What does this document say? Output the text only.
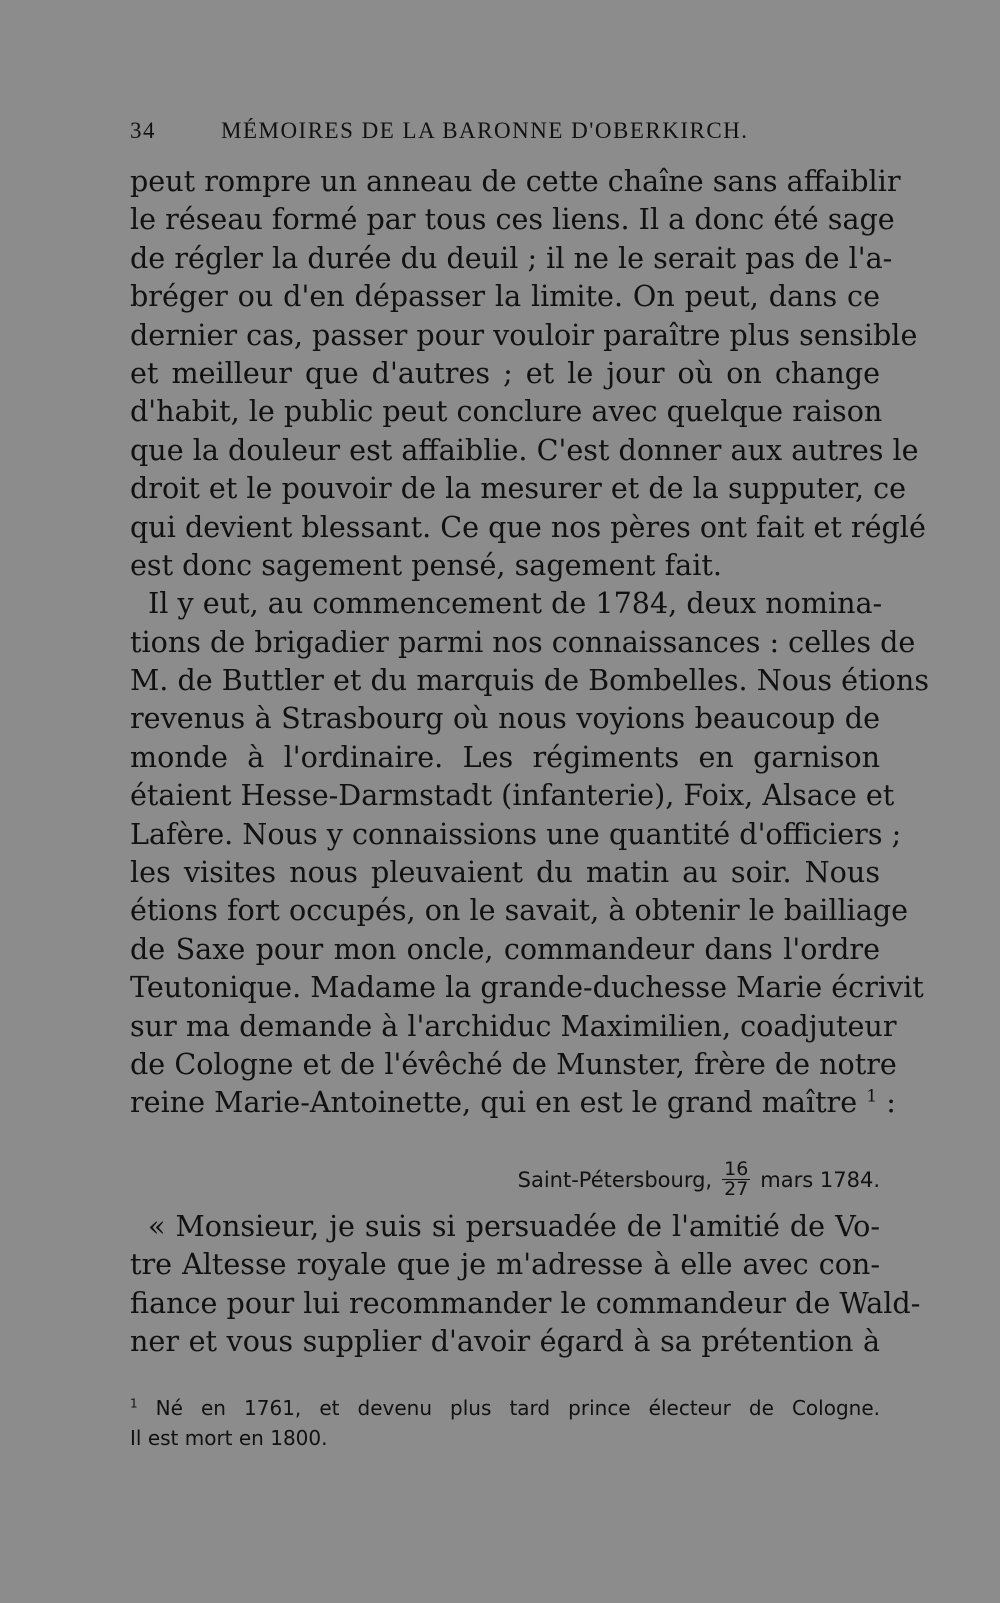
34	MÉMOIRES DE LA BARONNE D'OBERKIRCH.
peut rompre un anneau de cette chaîne sans affaiblir
le réseau formé par tous ces liens. Il a donc été sage
de régler la durée du deuil ; il ne le serait pas de l'a-
bréger ou d'en dépasser la limite. On peut, dans ce
dernier cas, passer pour vouloir paraître plus sensible
et meilleur que d'autres ; et le jour où on change
d'habit, le public peut conclure avec quelque raison
que la douleur est affaiblie. C'est donner aux autres le
droit et le pouvoir de la mesurer et de la supputer, ce
qui devient blessant. Ce que nos pères ont fait et réglé
est donc sagement pensé, sagement fait.
Il y eut, au commencement de 1784, deux nomina-
tions de brigadier parmi nos connaissances : celles de
M. de Buttler et du marquis de Bombelles. Nous étions
revenus à Strasbourg où nous voyions beaucoup de
monde à l'ordinaire. Les régiments en garnison
étaient Hesse-Darmstadt (infanterie), Foix, Alsace et
Lafère. Nous y connaissions une quantité d'officiers ;
les visites nous pleuvaient du matin au soir. Nous
étions fort occupés, on le savait, à obtenir le bailliage
de Saxe pour mon oncle, commandeur dans l'ordre
Teutonique. Madame la grande-duchesse Marie écrivit
sur ma demande à l'archiduc Maximilien, coadjuteur
de Cologne et de l'évêché de Munster, frère de notre
reine Marie-Antoinette, qui en est le grand maître $^1$ :
Saint-Pétersbourg, $\frac{16}{27}$ mars 1784.
« Monsieur, je suis si persuadée de l'amitié de Vo-
tre Altesse royale que je m'adresse à elle avec con-
fiance pour lui recommander le commandeur de Wald-
ner et vous supplier d'avoir égard à sa prétention à
$^1$ Né en 1761, et devenu plus tard prince électeur de Cologne.
Il est mort en 1800.
